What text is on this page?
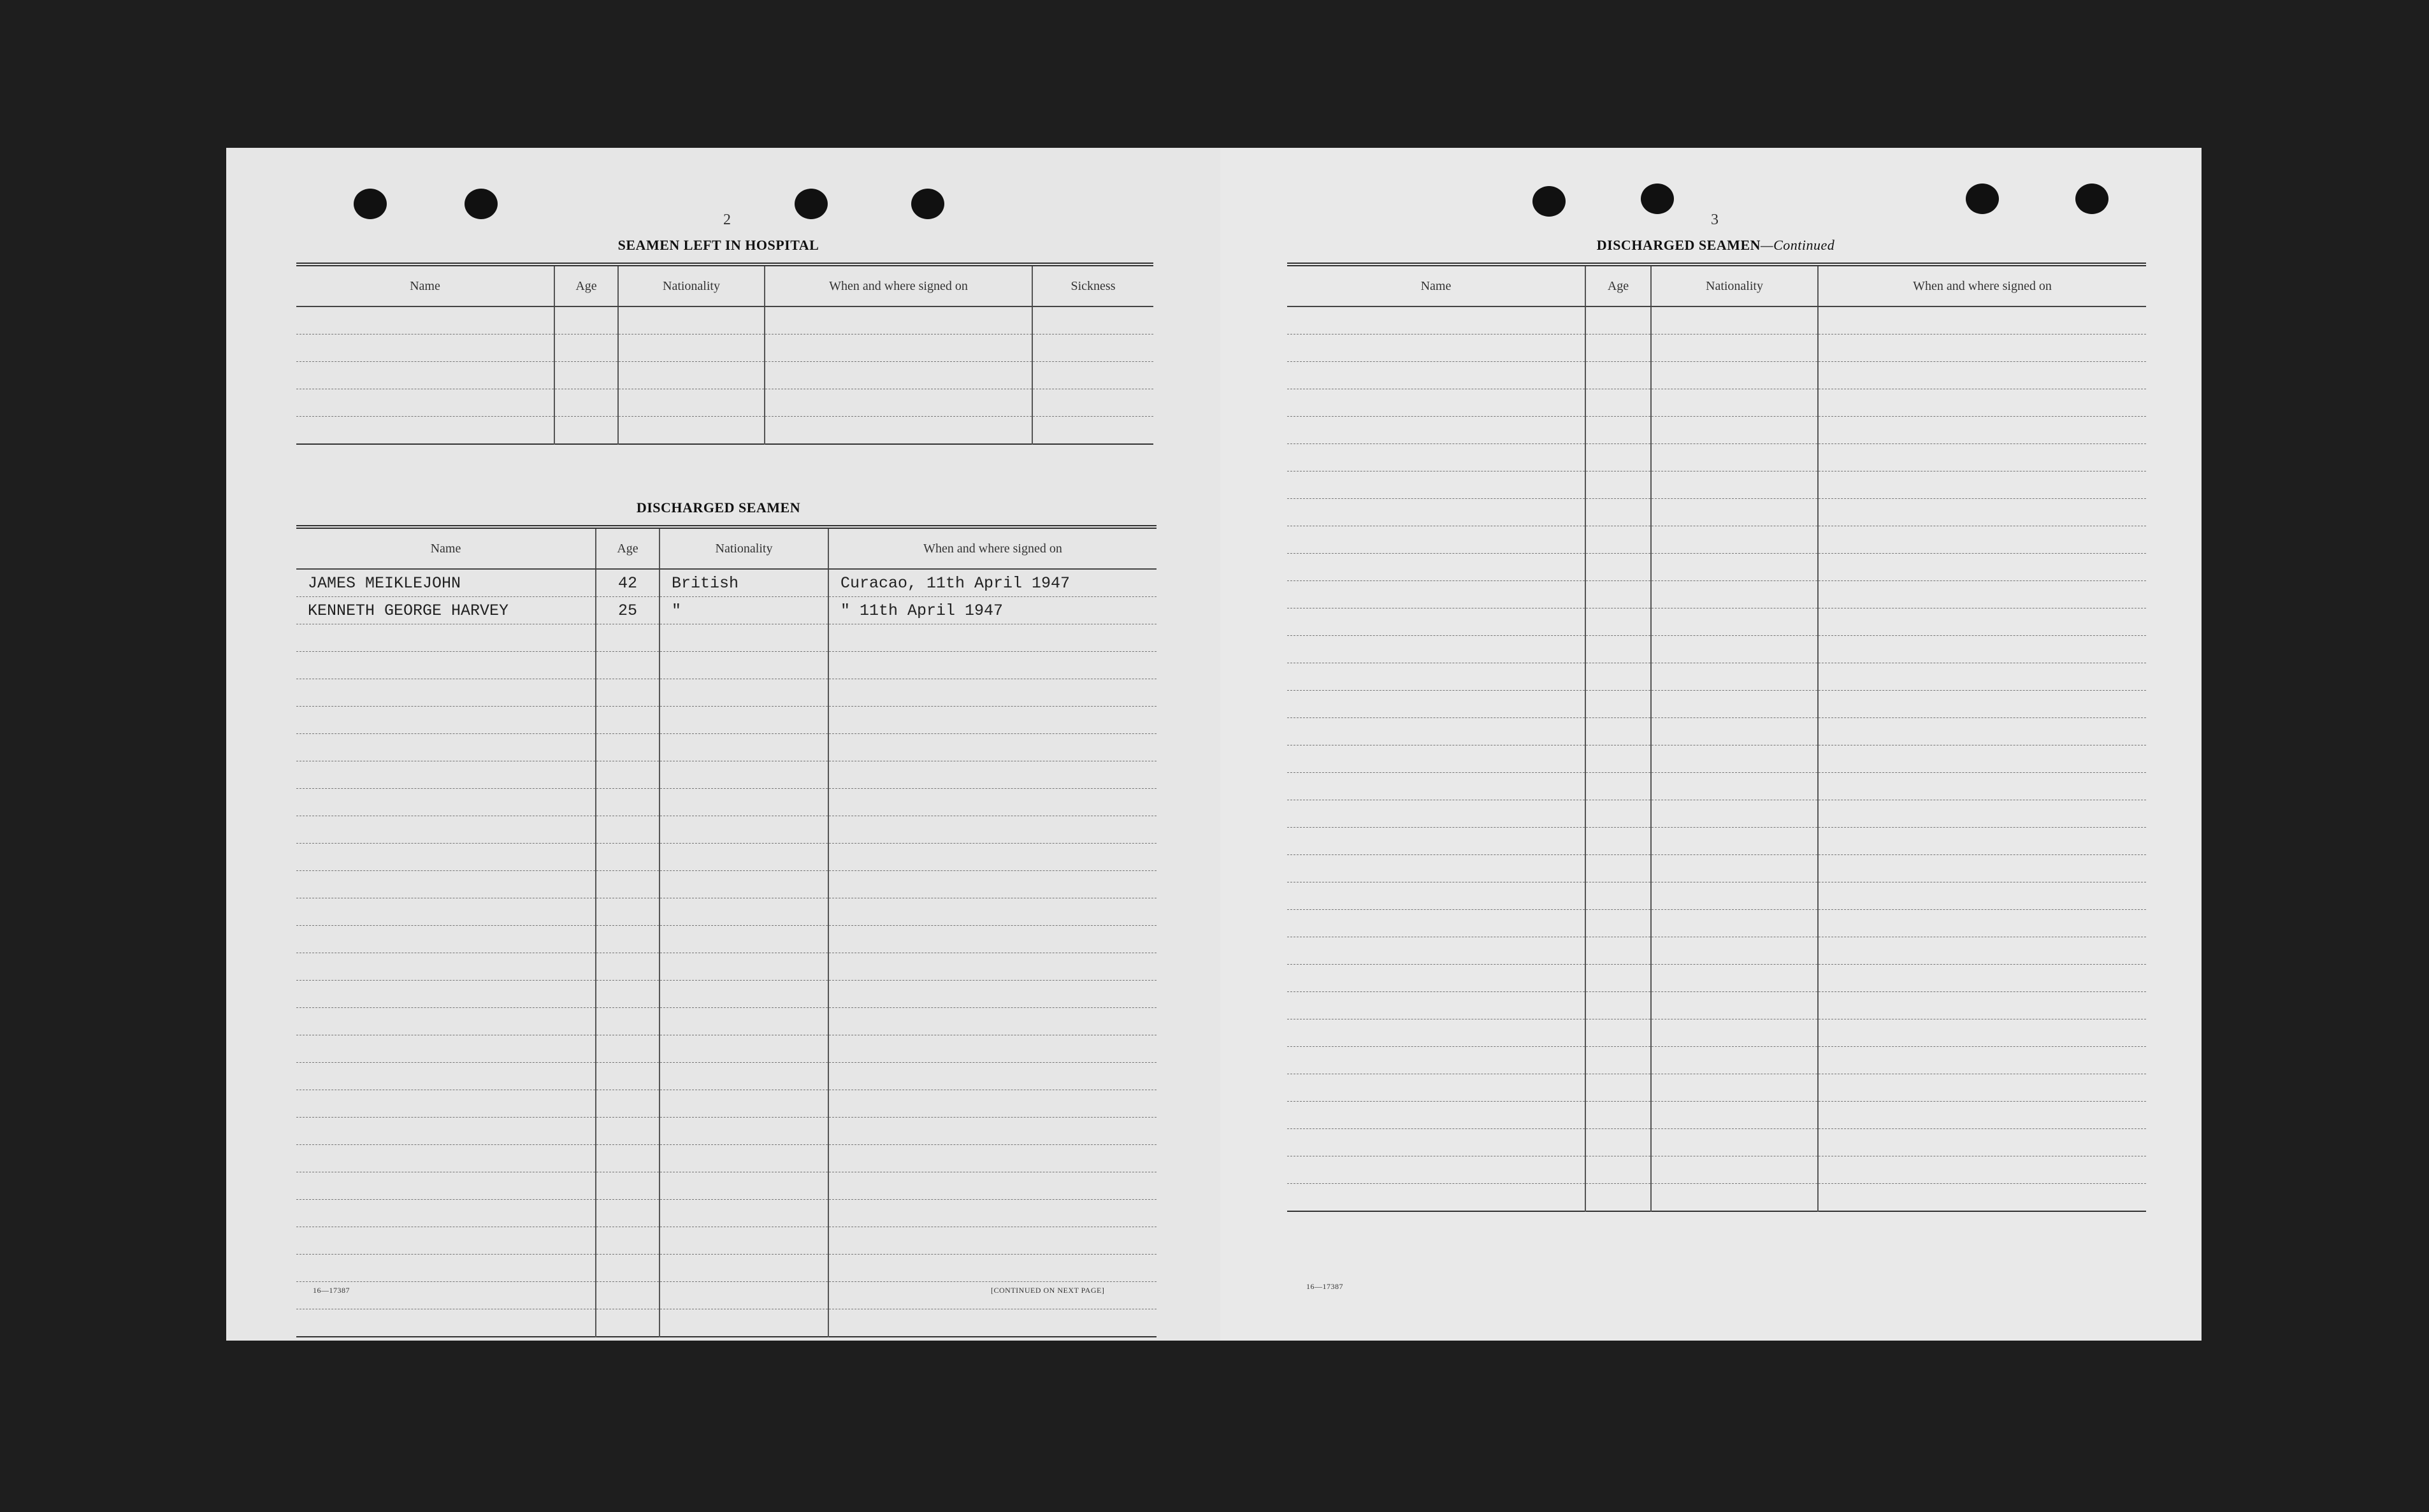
2
SEAMEN LEFT IN HOSPITAL
Name	Age	Nationality	When and where signed on	Sickness

DISCHARGED SEAMEN
Name	Age	Nationality	When and where signed on
JAMES MEIKLEJOHN	42	British	Curacao, 11th April 1947
KENNETH GEORGE HARVEY	25	"	" 11th April 1947

16—17387	[CONTINUED ON NEXT PAGE]
3
DISCHARGED SEAMEN—Continued
Name	Age	Nationality	When and where signed on

16—17387
